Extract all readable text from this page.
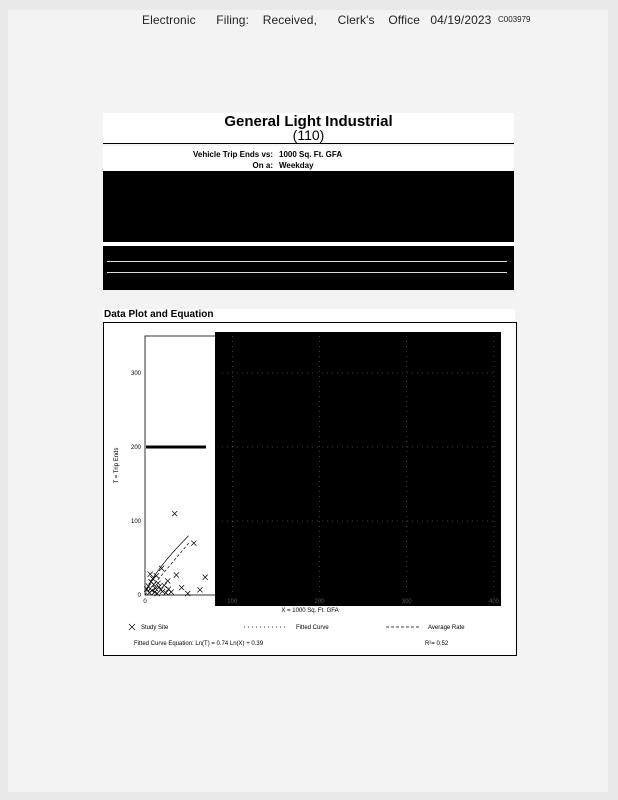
Electronic      Filing:    Received,      Clerk's    Office   04/19/2023 C003979
General Light Industrial
(110)
Vehicle Trip Ends vs: 1000 Sq. Ft. GFA
On a: Weekday
Data Plot and Equation
0
100
200
300
0	100	200	300	400
X = 1000 Sq. Ft. GFA
T = Trip Ends
Study Site	Fitted Curve	Average Rate
Fitted Curve Equation: Ln(T) = 0.74 Ln(X) + 0.39	R²= 0.52
